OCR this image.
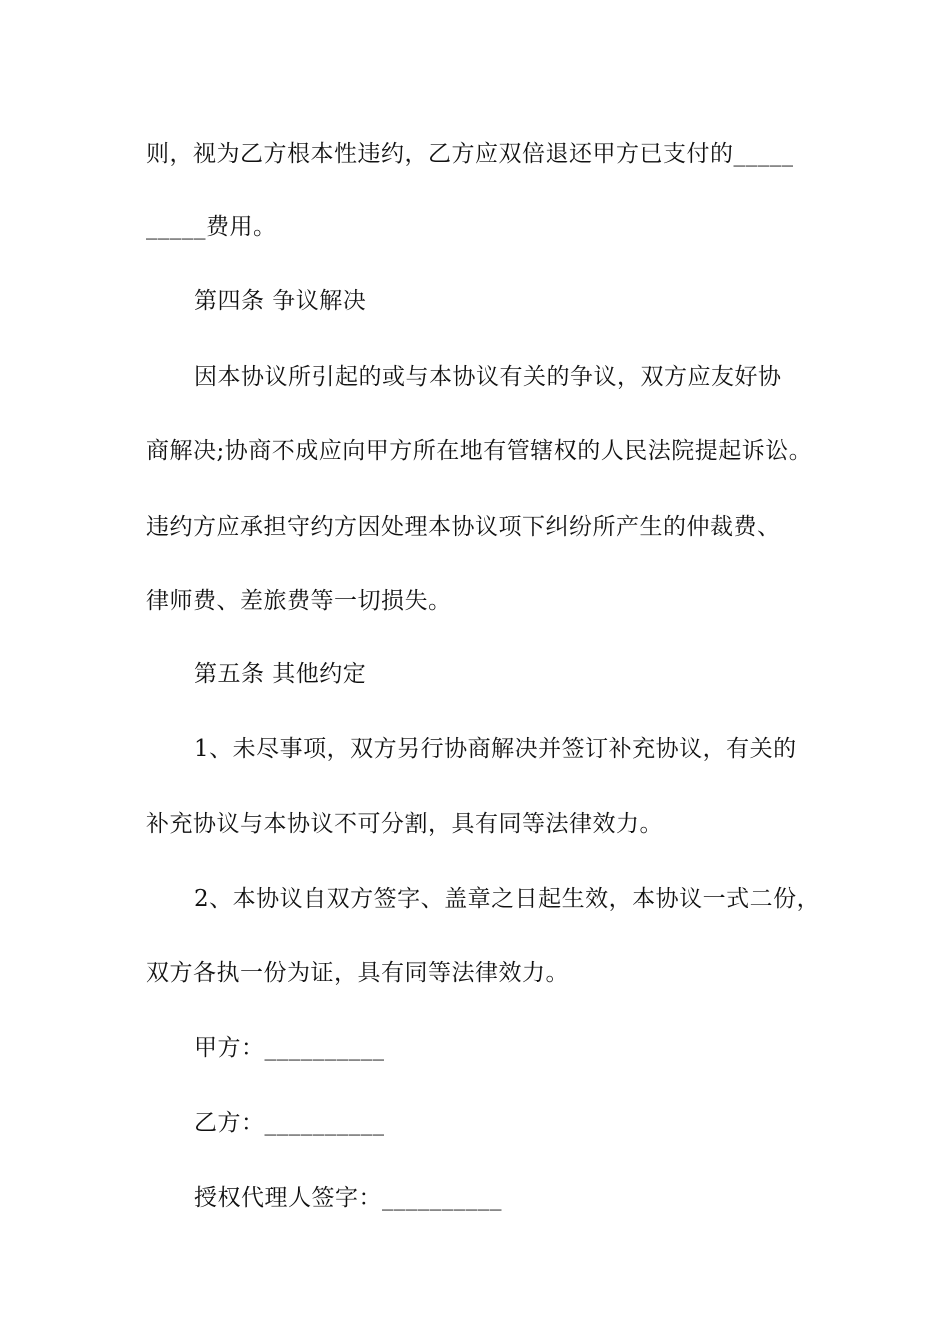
则，视为乙方根本性违约，乙方应双倍退还甲方已支付的_____
_____费用。
第四条 争议解决
因本协议所引起的或与本协议有关的争议，双方应友好协
商解决;协商不成应向甲方所在地有管辖权的人民法院提起诉讼。
违约方应承担守约方因处理本协议项下纠纷所产生的仲裁费、
律师费、差旅费等一切损失。
第五条 其他约定
1、未尽事项，双方另行协商解决并签订补充协议，有关的
补充协议与本协议不可分割，具有同等法律效力。
2、本协议自双方签字、盖章之日起生效，本协议一式二份，
双方各执一份为证，具有同等法律效力。
甲方：__________
乙方：__________
授权代理人签字：__________
